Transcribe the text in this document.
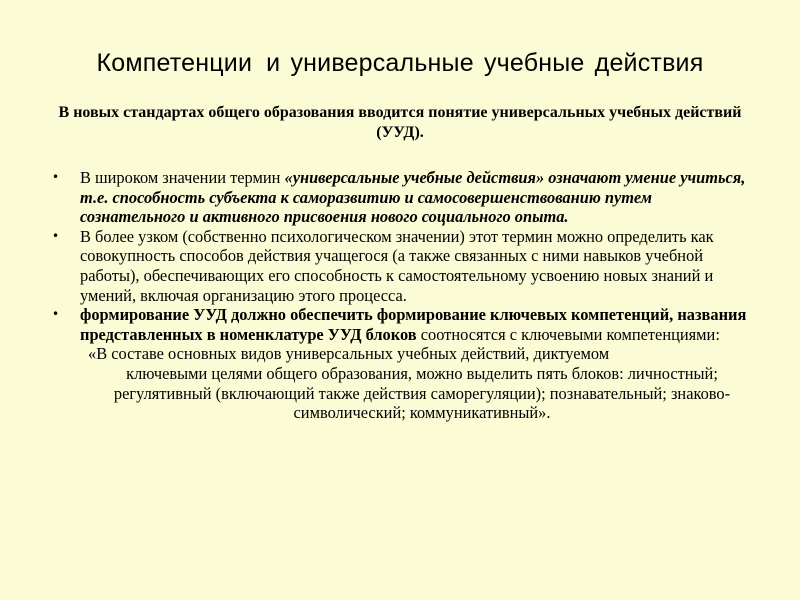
Компетенции и универсальные учебные действия
В новых стандартах общего образования вводится понятие универсальных учебных действий (УУД).
• В широком значении термин «универсальные учебные действия» означают умение учиться, т.е. способность субъекта к саморазвитию и самосовершенствованию путем сознательного и активного присвоения нового социального опыта.
• В более узком (собственно психологическом значении) этот термин можно определить как совокупность способов действия учащегося (а также связанных с ними навыков учебной работы), обеспечивающих его способность к самостоятельному усвоению новых знаний и умений, включая организацию этого процесса.
• формирование УУД должно обеспечить формирование ключевых компетенций, названия представленных в номенклатуре УУД блоков соотносятся с ключевыми компетенциями:
«В составе основных видов универсальных учебных действий, диктуемом
ключевыми целями общего образования, можно выделить пять блоков: личностный; регулятивный (включающий также действия саморегуляции); познавательный; знаково-символический; коммуникативный».
